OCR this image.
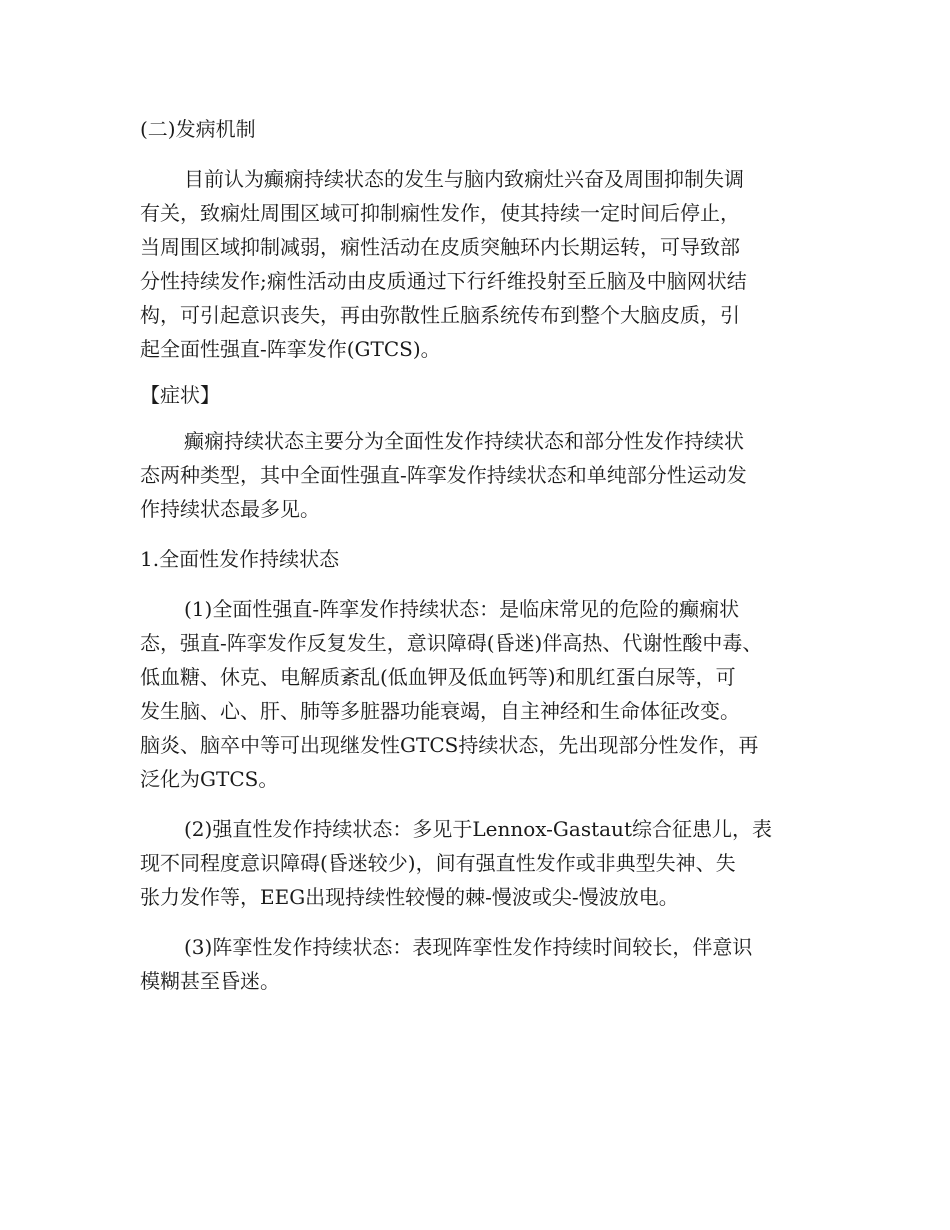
(二)发病机制

目前认为癫痫持续状态的发生与脑内致痫灶兴奋及周围抑制失调
有关，致痫灶周围区域可抑制痫性发作，使其持续一定时间后停止，
当周围区域抑制减弱，痫性活动在皮质突触环内长期运转，可导致部
分性持续发作;痫性活动由皮质通过下行纤维投射至丘脑及中脑网状结
构，可引起意识丧失，再由弥散性丘脑系统传布到整个大脑皮质，引
起全面性强直-阵挛发作(GTCS)。

【症状】

癫痫持续状态主要分为全面性发作持续状态和部分性发作持续状
态两种类型，其中全面性强直-阵挛发作持续状态和单纯部分性运动发
作持续状态最多见。

1.全面性发作持续状态

(1)全面性强直-阵挛发作持续状态：是临床常见的危险的癫痫状
态，强直-阵挛发作反复发生，意识障碍(昏迷)伴高热、代谢性酸中毒、
低血糖、休克、电解质紊乱(低血钾及低血钙等)和肌红蛋白尿等，可
发生脑、心、肝、肺等多脏器功能衰竭，自主神经和生命体征改变。
脑炎、脑卒中等可出现继发性GTCS持续状态，先出现部分性发作，再
泛化为GTCS。

(2)强直性发作持续状态：多见于Lennox-Gastaut综合征患儿，表
现不同程度意识障碍(昏迷较少)，间有强直性发作或非典型失神、失
张力发作等，EEG出现持续性较慢的棘-慢波或尖-慢波放电。

(3)阵挛性发作持续状态：表现阵挛性发作持续时间较长，伴意识
模糊甚至昏迷。
